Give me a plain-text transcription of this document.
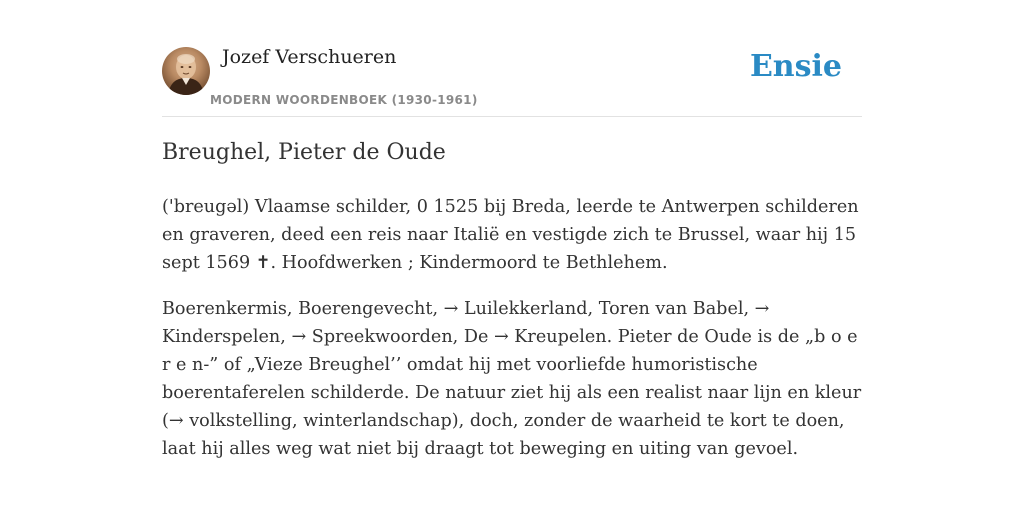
Jozef Verschueren
MODERN WOORDENBOEK (1930-1961)
Ensie
Breughel, Pieter de Oude

('breugəl) Vlaamse schilder, 0 1525 bij Breda, leerde te Antwerpen schilderen en graveren, deed een reis naar Italië en vestigde zich te Brussel, waar hij 15 sept 1569 ✝. Hoofdwerken ; Kindermoord te Bethlehem.

Boerenkermis, Boerengevecht, → Luilekkerland, Toren van Babel, → Kinderspelen, → Spreekwoorden, De → Kreupelen. Pieter de Oude is de „b o e r e n-” of „Vieze Breughel’’ omdat hij met voorliefde humoristische boerentaferelen schilderde. De natuur ziet hij als een realist naar lijn en kleur (→ volkstelling, winterlandschap), doch, zonder de waarheid te kort te doen, laat hij alles weg wat niet bij draagt tot beweging en uiting van gevoel.
